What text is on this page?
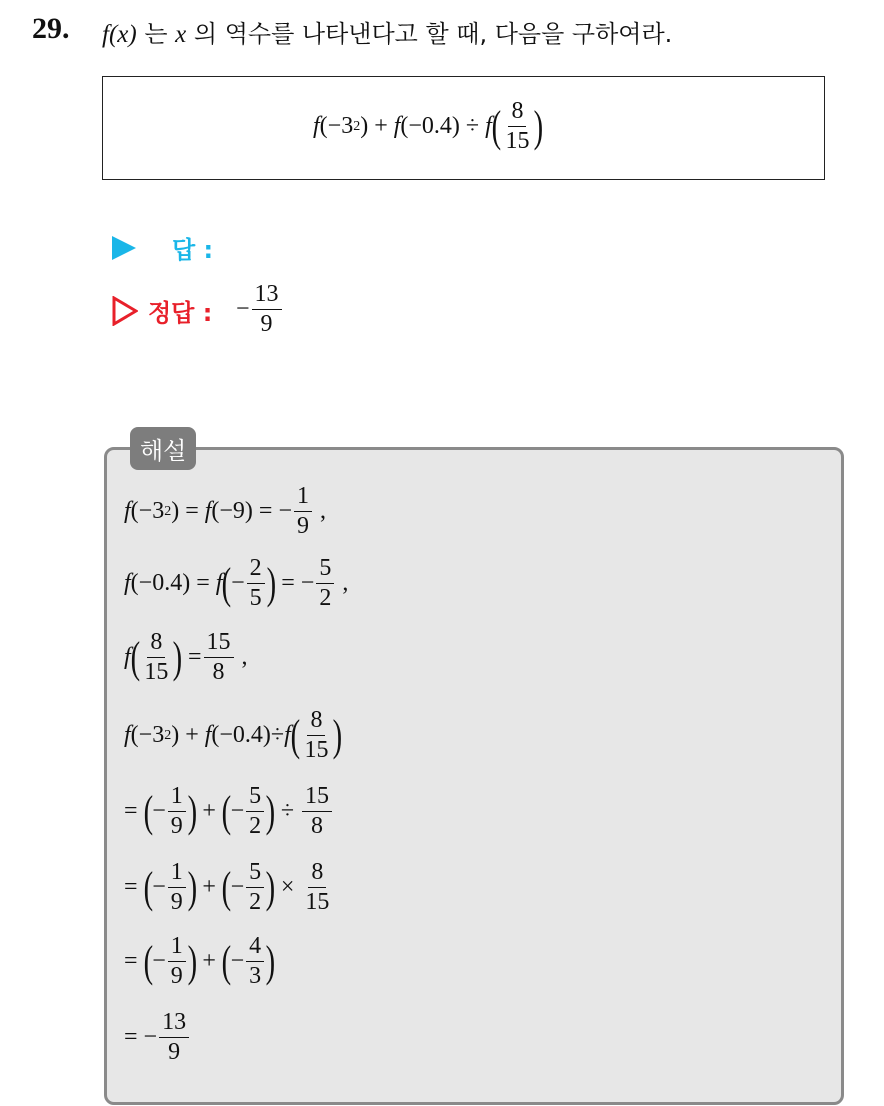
29. f(x) 는 x 의 역수를 나타낸다고 할 때, 다음을 구하여라.
f (−3 2 ) + f (−0.4) ÷ f ( $\frac{8}{15}$ )
답 :
정답 : − $\frac{13}{9}$
해설
f (−3 2 ) = f (−9) = − $\frac{1}{9}$ ,
f (−0.4) = f ( − $\frac{2}{5}$ ) = − $\frac{5}{2}$ ,
f ( $\frac{8}{15}$ ) = $\frac{15}{8}$ ,
f (−3 2 ) + f (−0.4)÷ f ( $\frac{8}{15}$ )
= ( − $\frac{1}{9}$ ) + ( − $\frac{5}{2}$ ) ÷ $\frac{15}{8}$
= ( − $\frac{1}{9}$ ) + ( − $\frac{5}{2}$ ) × $\frac{8}{15}$
= ( − $\frac{1}{9}$ ) + ( − $\frac{4}{3}$ )
= − $\frac{13}{9}$
